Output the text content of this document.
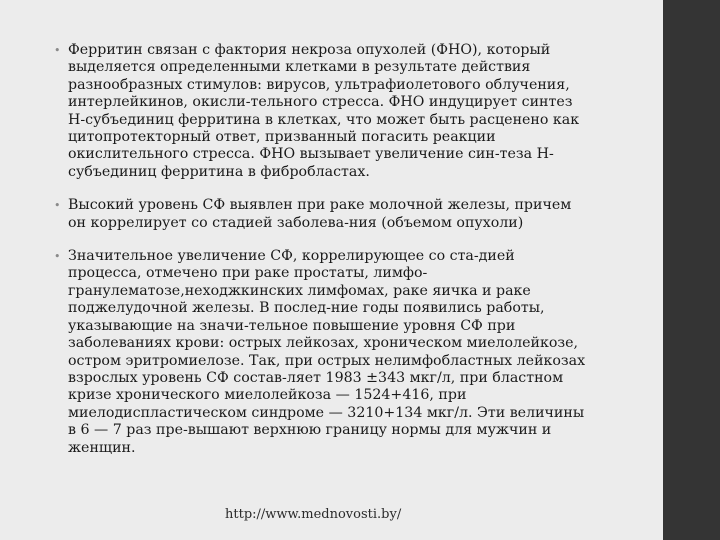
• Ферритин связан с фактория некроза опухолей (ФНО), который выделяется определенными клетками в результате действия разнообразных стимулов: вирусов, ультрафиолетового облучения, интерлейкинов, окисли-тельного стресса. ФНО индуцирует синтез Н-субъединиц ферритина в клетках, что может быть расценено как цитопротекторный ответ, призванный погасить реакции окислительного стресса. ФНО вызывает увеличение син-теза Н-субъединиц ферритина в фибробластах.
• Высокий уровень СФ выявлен при раке молочной железы, причем он коррелирует со стадией заболева-ния (объемом опухоли)
• Значительное увеличение СФ, коррелирующее со ста-дией процесса, отмечено при раке простаты, лимфо-гранулематозе,неходжкинских лимфомах, раке яичка и раке поджелудочной железы. В послед-ние годы появились работы, указывающие на значи-тельное повышение уровня СФ при заболеваниях крови: острых лейкозах, хроническом миелолейкозе, остром эритромиелозе. Так, при острых нелимфобластных лейкозах взрослых уровень СФ состав-ляет 1983 ±343 мкг/л, при бластном кризе хронического миелолейкоза — 1524+416, при миелодиспластическом синдроме — 3210+134 мкг/л. Эти величины в 6 — 7 раз пре-вышают верхнюю границу нормы для мужчин и женщин.
http://www.mednovosti.by/
